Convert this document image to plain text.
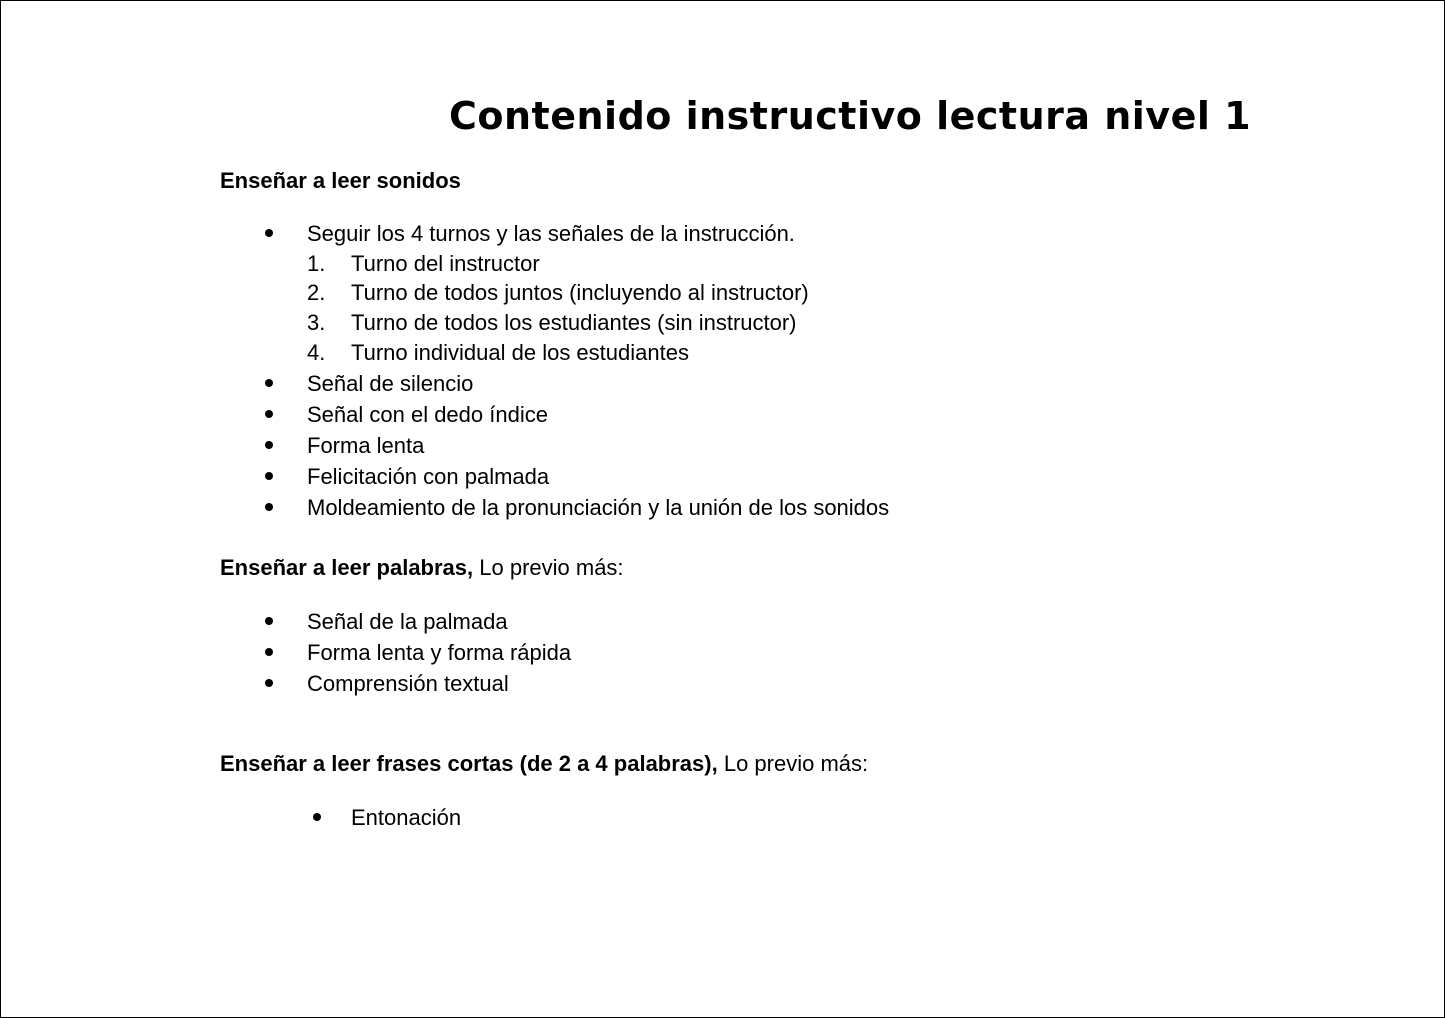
Contenido instructivo lectura nivel 1
Enseñar a leer sonidos
Seguir los 4 turnos y las señales de la instrucción.
1. Turno del instructor
2. Turno de todos juntos (incluyendo al instructor)
3. Turno de todos los estudiantes (sin instructor)
4. Turno individual de los estudiantes
Señal de silencio
Señal con el dedo índice
Forma lenta
Felicitación con palmada
Moldeamiento de la pronunciación y la unión de los sonidos
Enseñar a leer palabras, Lo previo más:
Señal de la palmada
Forma lenta y forma rápida
Comprensión textual
Enseñar a leer frases cortas (de 2 a 4 palabras), Lo previo más:
Entonación
